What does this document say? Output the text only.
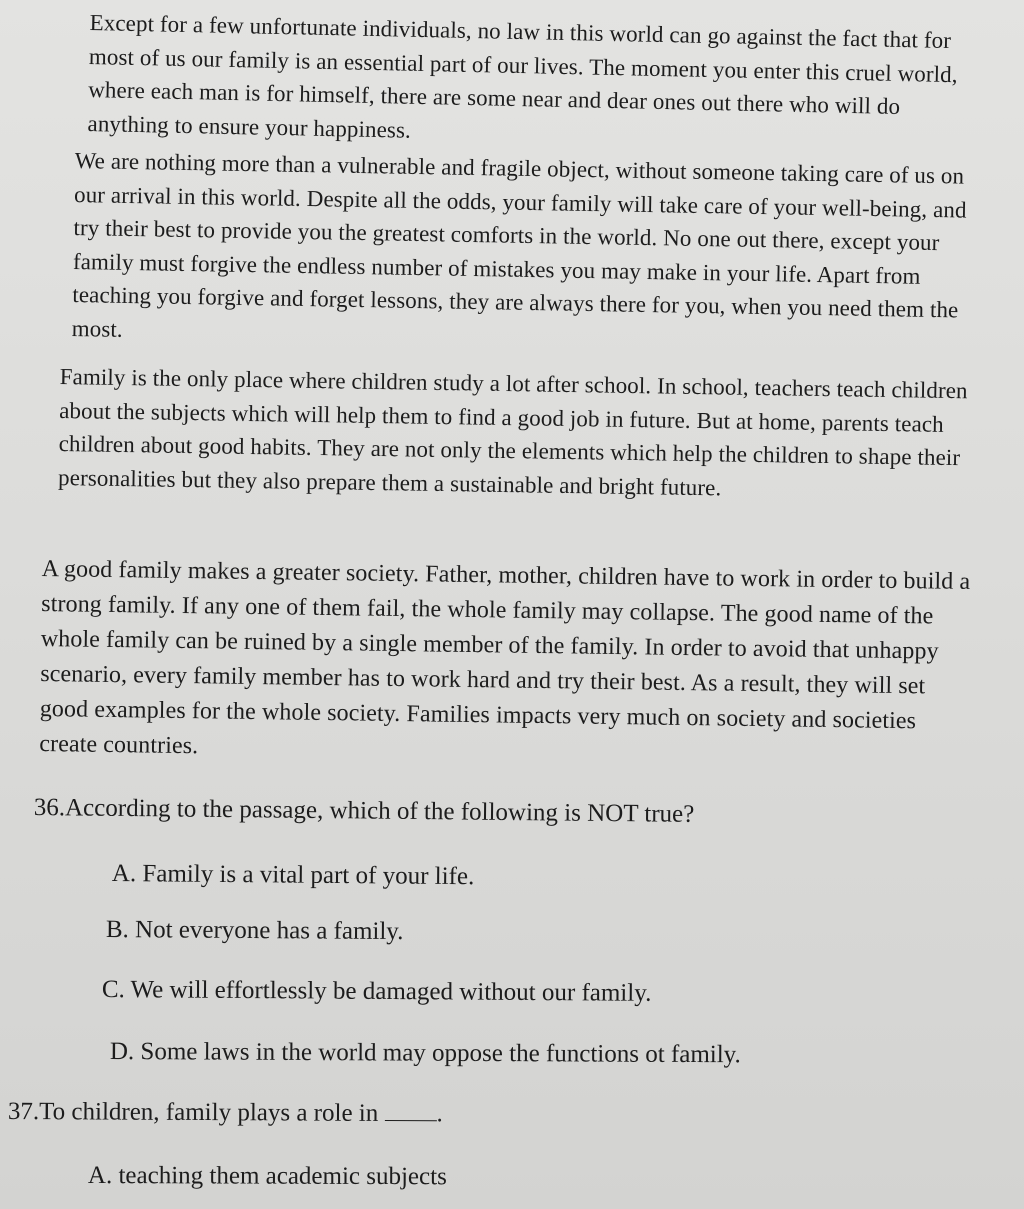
Except for a few unfortunate individuals, no law in this world can go against the fact that for most of us our family is an essential part of our lives. The moment you enter this cruel world, where each man is for himself, there are some near and dear ones out there who will do anything to ensure your happiness.

We are nothing more than a vulnerable and fragile object, without someone taking care of us on our arrival in this world. Despite all the odds, your family will take care of your well-being, and try their best to provide you the greatest comforts in the world. No one out there, except your family must forgive the endless number of mistakes you may make in your life. Apart from teaching you forgive and forget lessons, they are always there for you, when you need them the most.

Family is the only place where children study a lot after school. In school, teachers teach children about the subjects which will help them to find a good job in future. But at home, parents teach children about good habits. They are not only the elements which help the children to shape their personalities but they also prepare them a sustainable and bright future.

A good family makes a greater society. Father, mother, children have to work in order to build a strong family. If any one of them fail, the whole family may collapse. The good name of the whole family can be ruined by a single member of the family. In order to avoid that unhappy scenario, every family member has to work hard and try their best. As a result, they will set good examples for the whole society. Families impacts very much on society and societies create countries.

36.According to the passage, which of the following is NOT true?

A. Family is a vital part of your life.

B. Not everyone has a family.

C. We will effortlessly be damaged without our family.

D. Some laws in the world may oppose the functions ot family.

37.To children, family plays a role in .

A. teaching them academic subjects
